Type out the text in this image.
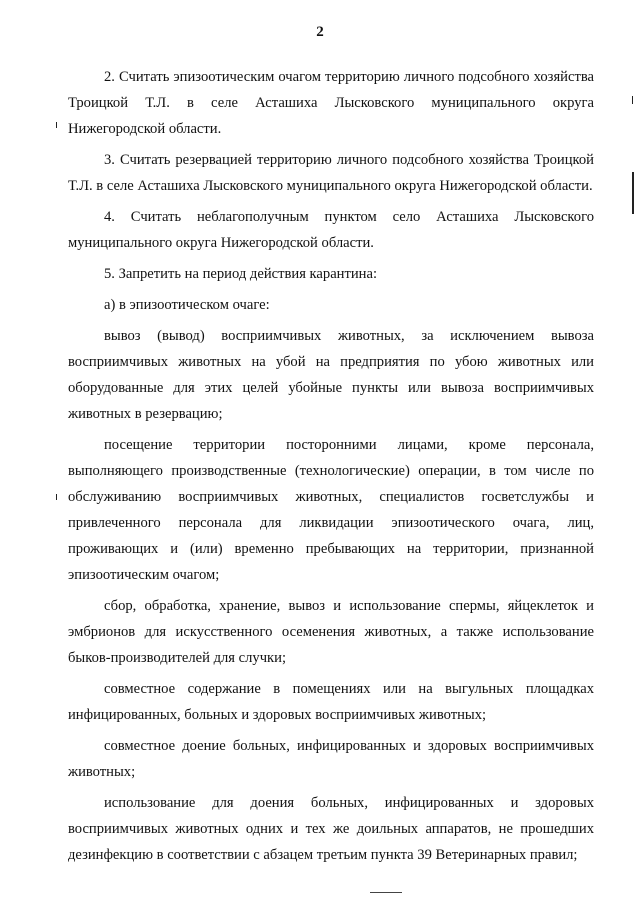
2

2. Считать эпизоотическим очагом территорию личного подсобного хозяйства Троицкой Т.Л. в селе Асташиха Лысковского муниципального округа Нижегородской области.

3. Считать резервацией территорию личного подсобного хозяйства Троицкой Т.Л. в селе Асташиха Лысковского муниципального округа Нижегородской области.

4. Считать неблагополучным пунктом село Асташиха Лысковского муниципального округа Нижегородской области.

5. Запретить на период действия карантина:

а) в эпизоотическом очаге:

вывоз (вывод) восприимчивых животных, за исключением вывоза восприимчивых животных на убой на предприятия по убою животных или оборудованные для этих целей убойные пункты или вывоза восприимчивых животных в резервацию;

посещение территории посторонними лицами, кроме персонала, выполняющего производственные (технологические) операции, в том числе по обслуживанию восприимчивых животных, специалистов госветслужбы и привлеченного персонала для ликвидации эпизоотического очага, лиц, проживающих и (или) временно пребывающих на территории, признанной эпизоотическим очагом;

сбор, обработка, хранение, вывоз и использование спермы, яйцеклеток и эмбрионов для искусственного осеменения животных, а также использование быков-производителей для случки;

совместное содержание в помещениях или на выгульных площадках инфицированных, больных и здоровых восприимчивых животных;

совместное доение больных, инфицированных и здоровых восприимчивых животных;

использование для доения больных, инфицированных и здоровых восприимчивых животных одних и тех же доильных аппаратов, не прошедших дезинфекцию в соответствии с абзацем третьим пункта 39 Ветеринарных правил;
